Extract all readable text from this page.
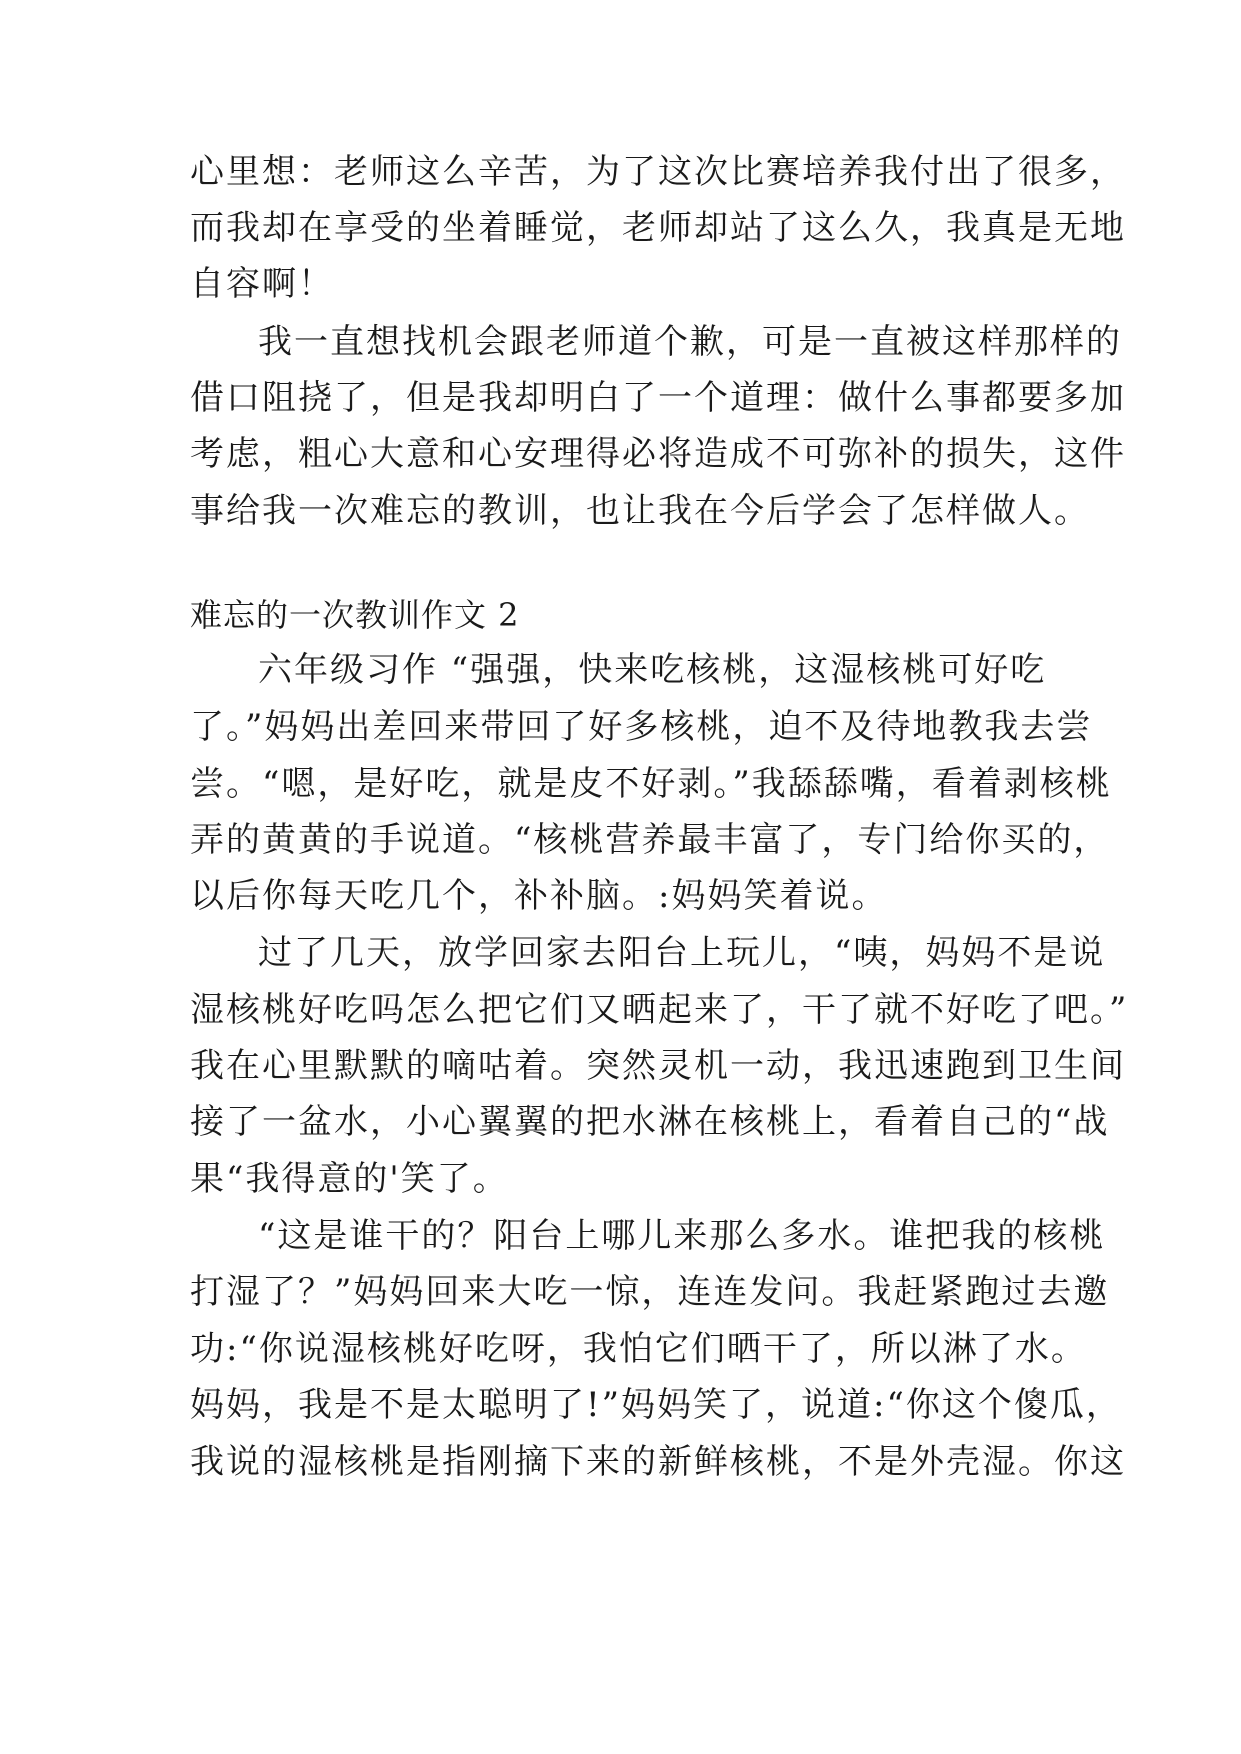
心里想：老师这么辛苦，为了这次比赛培养我付出了很多，
而我却在享受的坐着睡觉，老师却站了这么久，我真是无地
自容啊！
我一直想找机会跟老师道个歉，可是一直被这样那样的
借口阻挠了，但是我却明白了一个道理：做什么事都要多加
考虑，粗心大意和心安理得必将造成不可弥补的损失，这件
事给我一次难忘的教训，也让我在今后学会了怎样做人。
难忘的一次教训作文 2
六年级习作 “强强，快来吃核桃，这湿核桃可好吃
了。”妈妈出差回来带回了好多核桃，迫不及待地教我去尝
尝。“嗯，是好吃，就是皮不好剥。”我舔舔嘴，看着剥核桃
弄的黄黄的手说道。“核桃营养最丰富了，专门给你买的，
以后你每天吃几个，补补脑。:妈妈笑着说。
过了几天，放学回家去阳台上玩儿，“咦，妈妈不是说
湿核桃好吃吗怎么把它们又晒起来了，干了就不好吃了吧。”
我在心里默默的嘀咕着。突然灵机一动，我迅速跑到卫生间
接了一盆水，小心翼翼的把水淋在核桃上，看着自己的“战
果“我得意的'笑了。
“这是谁干的？阳台上哪儿来那么多水。谁把我的核桃
打湿了？”妈妈回来大吃一惊，连连发问。我赶紧跑过去邀
功:“你说湿核桃好吃呀，我怕它们晒干了，所以淋了水。
妈妈，我是不是太聪明了!”妈妈笑了，说道:“你这个傻瓜，
我说的湿核桃是指刚摘下来的新鲜核桃，不是外壳湿。你这
